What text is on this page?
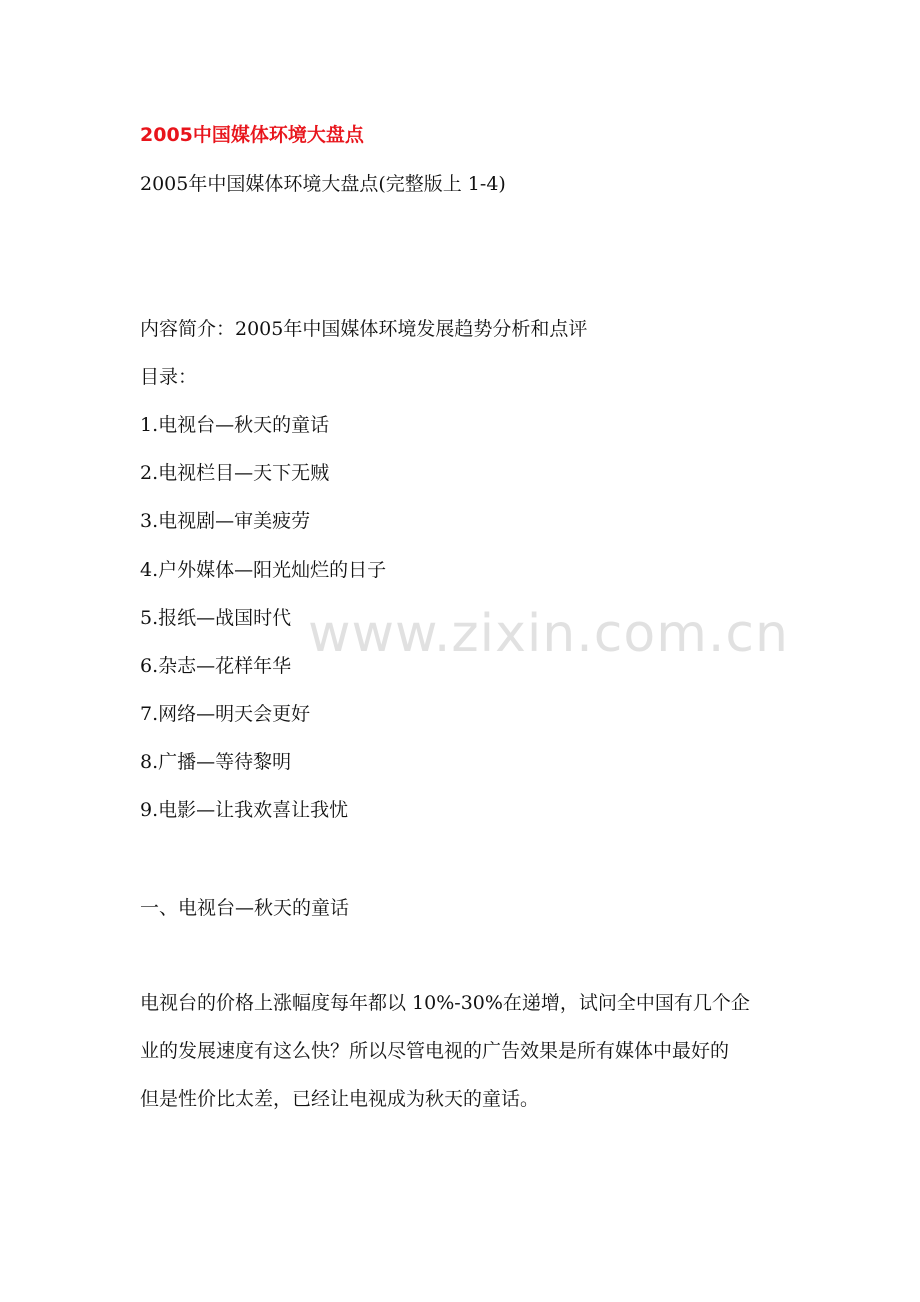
2005中国媒体环境大盘点
2005年中国媒体环境大盘点(完整版上 1-4)
内容简介：2005年中国媒体环境发展趋势分析和点评
目录：
1.电视台—秋天的童话
2.电视栏目—天下无贼
3.电视剧—审美疲劳
4.户外媒体—阳光灿烂的日子
5.报纸—战国时代
6.杂志—花样年华
7.网络—明天会更好
8.广播—等待黎明
9.电影—让我欢喜让我忧
一、电视台—秋天的童话
电视台的价格上涨幅度每年都以 10%-30%在递增，试问全中国有几个企
业的发展速度有这么快？所以尽管电视的广告效果是所有媒体中最好的
但是性价比太差，已经让电视成为秋天的童话。
www.zixin.com.cn
